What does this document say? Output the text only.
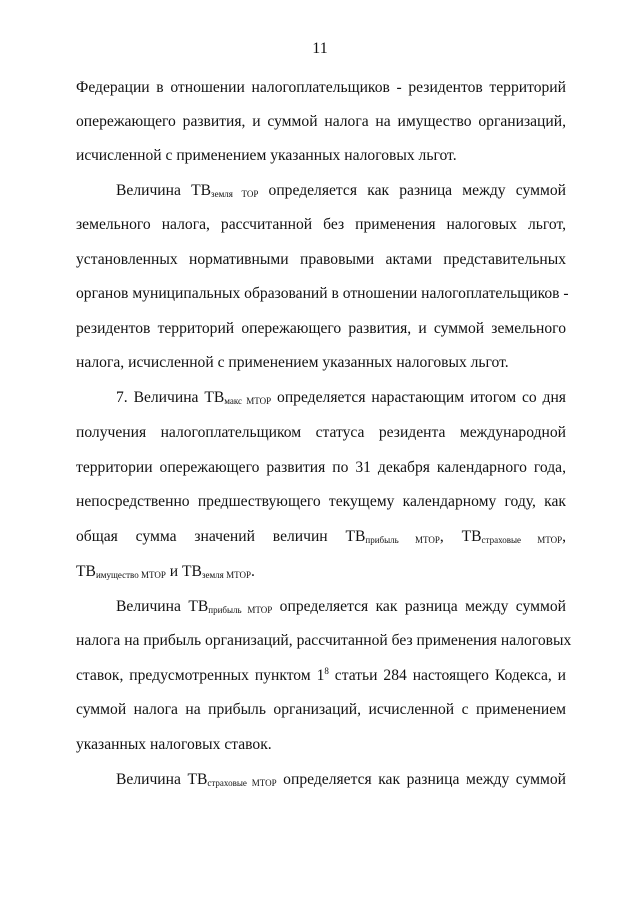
11
Федерации в отношении налогоплательщиков - резидентов территорий
опережающего развития, и суммой налога на имущество организаций,
исчисленной с применением указанных налоговых льгот.
Величина $ТВ_{земля ТОР}$ определяется как разница между суммой
земельного налога, рассчитанной без применения налоговых льгот,
установленных нормативными правовыми актами представительных
органов муниципальных образований в отношении налогоплательщиков -
резидентов территорий опережающего развития, и суммой земельного
налога, исчисленной с применением указанных налоговых льгот.
7. Величина $ТВ_{макс МТОР}$ определяется нарастающим итогом со дня
получения налогоплательщиком статуса резидента международной
территории опережающего развития по 31 декабря календарного года,
непосредственно предшествующего текущему календарному году, как
общая сумма значений величин $ТВ_{прибыль МТОР}$, $ТВ_{страховые МТОР}$,
$ТВ_{имущество МТОР}$ и $ТВ_{земля МТОР}$.
Величина $ТВ_{прибыль МТОР}$ определяется как разница между суммой
налога на прибыль организаций, рассчитанной без применения налоговых
ставок, предусмотренных пунктом $1^8$ статьи 284 настоящего Кодекса, и
суммой налога на прибыль организаций, исчисленной с применением
указанных налоговых ставок.
Величина $ТВ_{страховые МТОР}$ определяется как разница между суммой
